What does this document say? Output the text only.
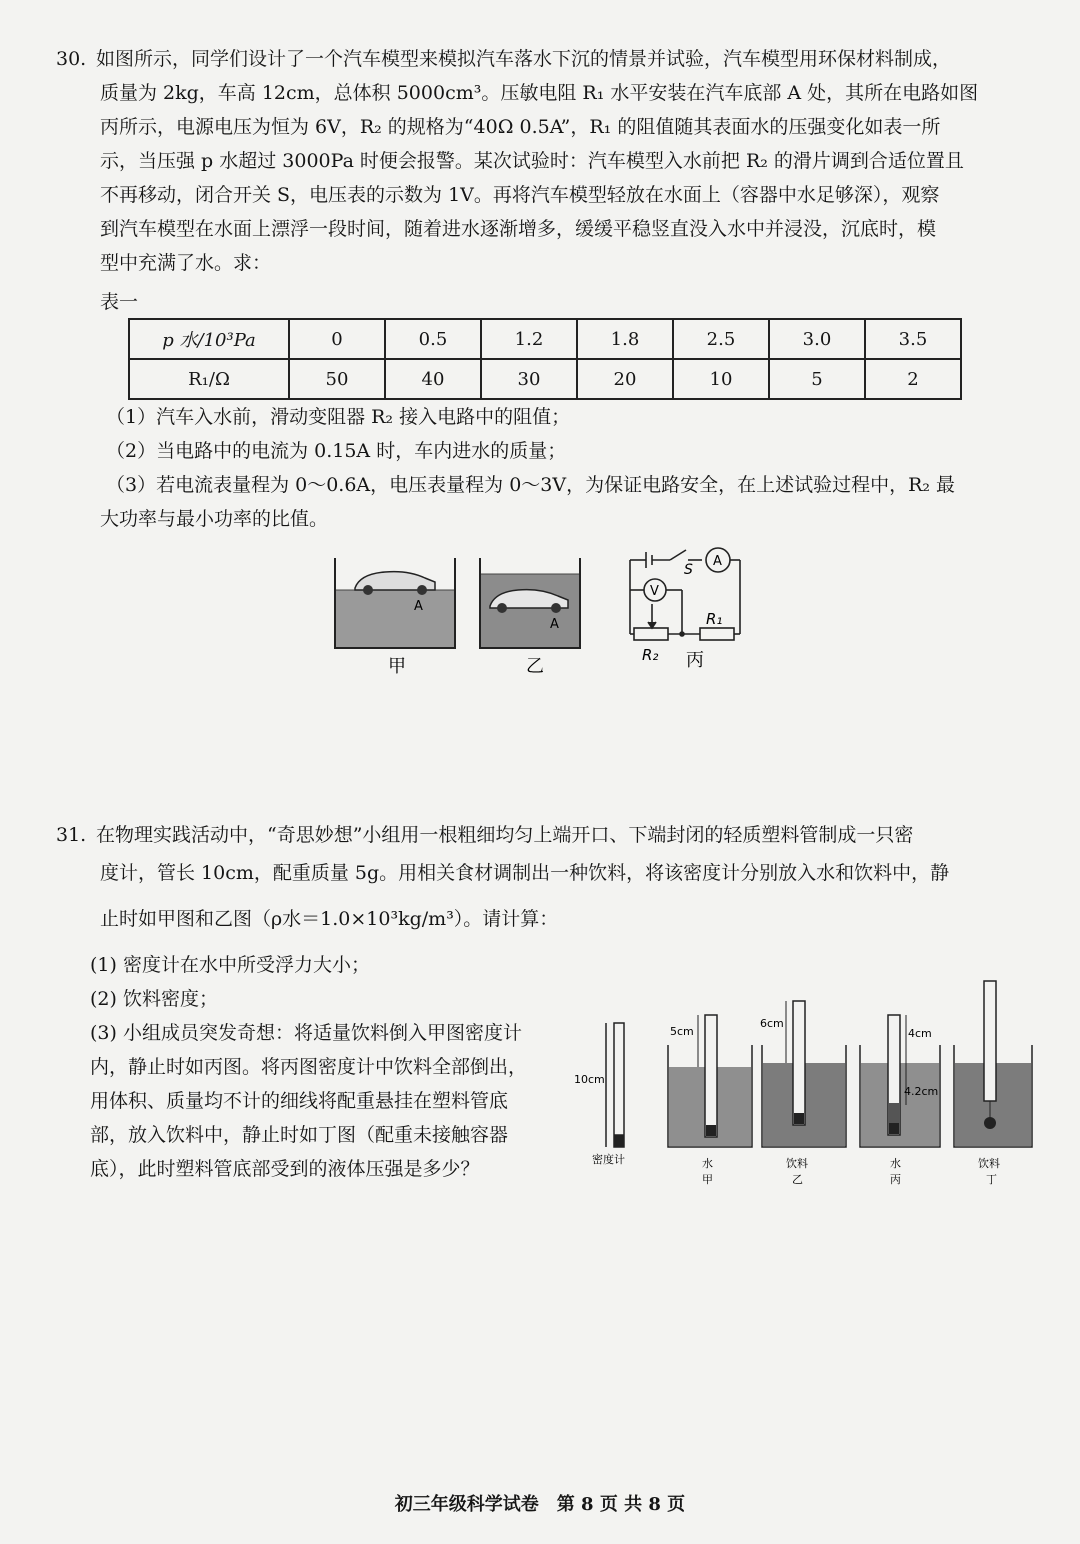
30. 如图所示，同学们设计了一个汽车模型来模拟汽车落水下沉的情景并试验，汽车模型用环保材料制成，

质量为 2kg，车高 12cm，总体积 5000cm³。压敏电阻 R₁ 水平安装在汽车底部 A 处，其所在电路如图

丙所示，电源电压为恒为 6V，R₂ 的规格为“40Ω 0.5A”，R₁ 的阻值随其表面水的压强变化如表一所

示，当压强 p 水超过 3000Pa 时便会报警。某次试验时：汽车模型入水前把 R₂ 的滑片调到合适位置且

不再移动，闭合开关 S，电压表的示数为 1V。再将汽车模型轻放在水面上（容器中水足够深），观察

到汽车模型在水面上漂浮一段时间，随着进水逐渐增多，缓缓平稳竖直没入水中并浸没，沉底时，模

型中充满了水。求：

表一
p 水/10³Pa	0	0.5	1.2	1.8	2.5	3.0	3.5
R₁/Ω	50	40	30	20	10	5	2

（1）汽车入水前，滑动变阻器 R₂ 接入电路中的阻值；

（2）当电路中的电流为 0.15A 时，车内进水的质量；

（3）若电流表量程为 0～0.6A，电压表量程为 0～3V，为保证电路安全，在上述试验过程中，R₂ 最

大功率与最小功率的比值。

A
甲
A
乙
S
A
V
R₁
R₂ 丙

31. 在物理实践活动中，“奇思妙想”小组用一根粗细均匀上端开口、下端封闭的轻质塑料管制成一只密

度计，管长 10cm，配重质量 5g。用相关食材调制出一种饮料，将该密度计分别放入水和饮料中，静

止时如甲图和乙图（ρ水＝1.0×10³kg/m³）。请计算：

(1) 密度计在水中所受浮力大小；

(2) 饮料密度；

(3) 小组成员突发奇想：将适量饮料倒入甲图密度计

内，静止时如丙图。将丙图密度计中饮料全部倒出，

用体积、质量均不计的细线将配重悬挂在塑料管底

部，放入饮料中，静止时如丁图（配重未接触容器

底），此时塑料管底部受到的液体压强是多少？

10cm
密度计
5cm
水
甲
6cm
饮料
乙
4cm
4.2cm
水
丙
饮料
丁
初三年级科学试卷　第 8 页 共 8 页
